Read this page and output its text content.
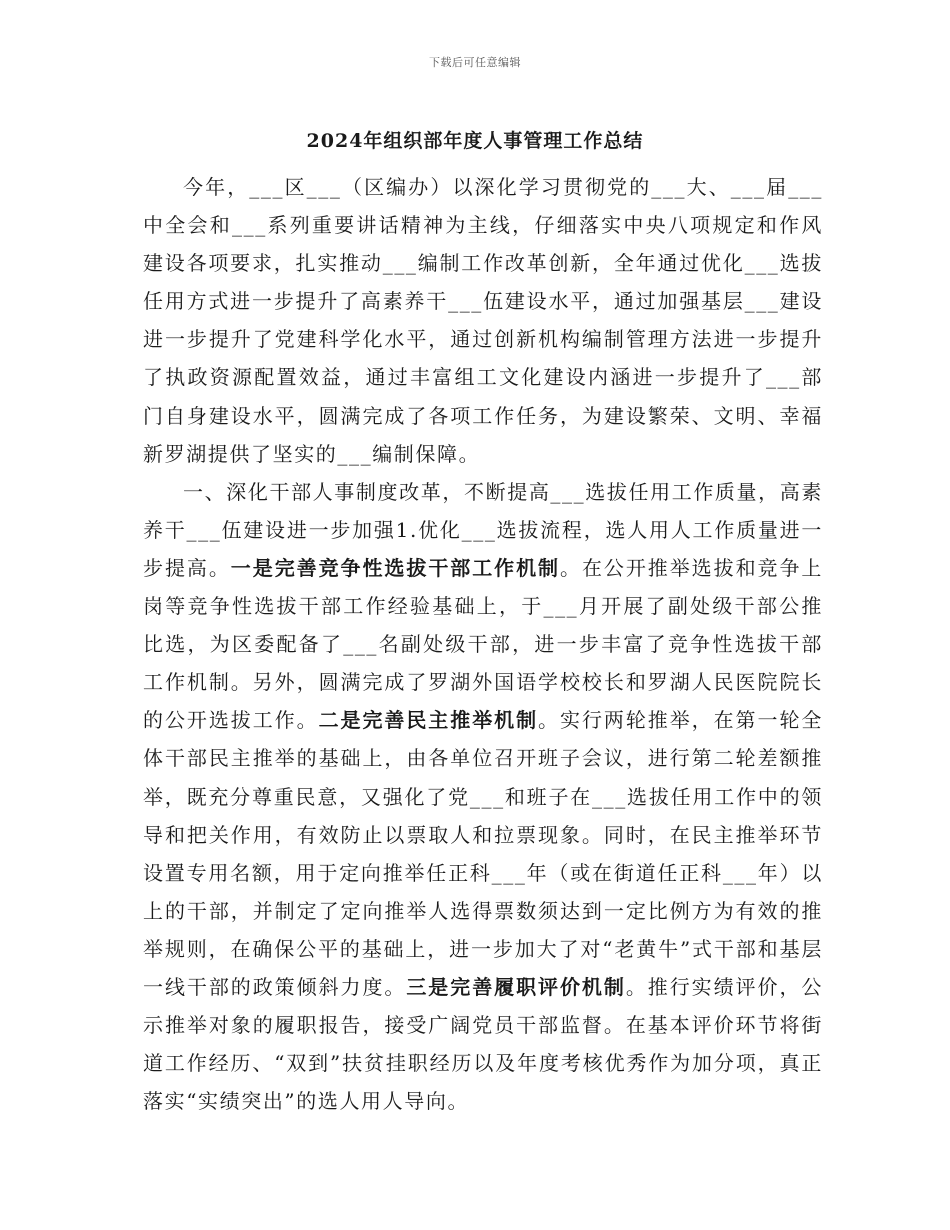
下载后可任意编辑
2024年组织部年度人事管理工作总结

今年，___区___（区编办）以深化学习贯彻党的___大、___届___中全会和___系列重要讲话精神为主线，仔细落实中央八项规定和作风建设各项要求，扎实推动___编制工作改革创新，全年通过优化___选拔任用方式进一步提升了高素养干___伍建设水平，通过加强基层___建设进一步提升了党建科学化水平，通过创新机构编制管理方法进一步提升了执政资源配置效益，通过丰富组工文化建设内涵进一步提升了___部门自身建设水平，圆满完成了各项工作任务，为建设繁荣、文明、幸福新罗湖提供了坚实的___编制保障。

一、深化干部人事制度改革，不断提高___选拔任用工作质量，高素养干___伍建设进一步加强1.优化___选拔流程，选人用人工作质量进一步提高。一是完善竞争性选拔干部工作机制。在公开推举选拔和竞争上岗等竞争性选拔干部工作经验基础上，于___月开展了副处级干部公推比选，为区委配备了___名副处级干部，进一步丰富了竞争性选拔干部工作机制。另外，圆满完成了罗湖外国语学校校长和罗湖人民医院院长的公开选拔工作。二是完善民主推举机制。实行两轮推举，在第一轮全体干部民主推举的基础上，由各单位召开班子会议，进行第二轮差额推举，既充分尊重民意，又强化了党___和班子在___选拔任用工作中的领导和把关作用，有效防止以票取人和拉票现象。同时，在民主推举环节设置专用名额，用于定向推举任正科___年（或在街道任正科___年）以上的干部，并制定了定向推举人选得票数须达到一定比例方为有效的推举规则，在确保公平的基础上，进一步加大了对“老黄牛”式干部和基层一线干部的政策倾斜力度。三是完善履职评价机制。推行实绩评价，公示推举对象的履职报告，接受广阔党员干部监督。在基本评价环节将街道工作经历、“双到”扶贫挂职经历以及年度考核优秀作为加分项，真正落实“实绩突出”的选人用人导向。
